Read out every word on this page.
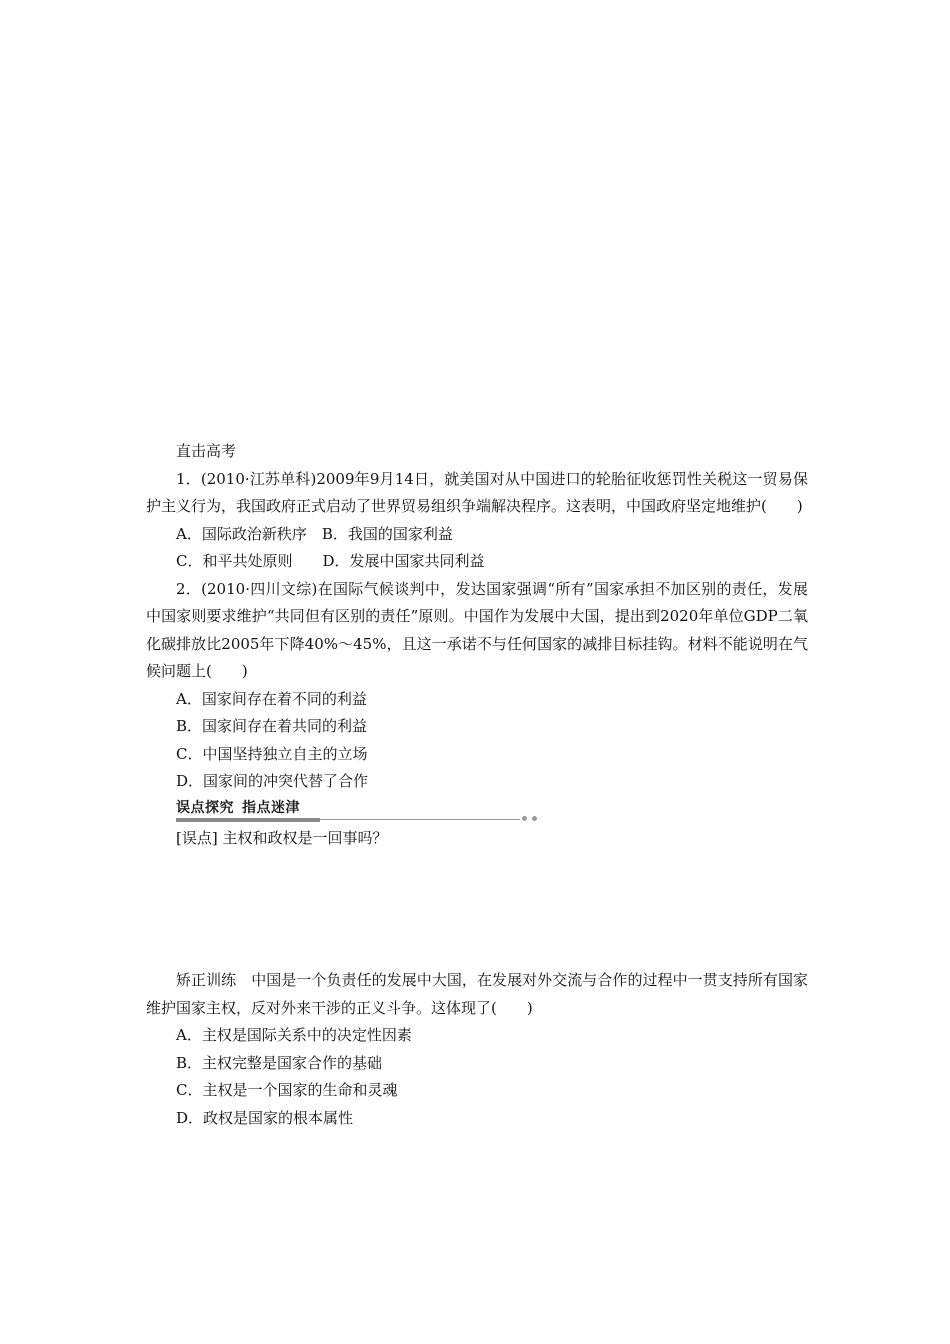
直击高考
1．(2010·江苏单科)2009年9月14日，就美国对从中国进口的轮胎征收惩罚性关税这一贸易保护主义行为，我国政府正式启动了世界贸易组织争端解决程序。这表明，中国政府坚定地维护(　　)
A．国际政治新秩序　B．我国的国家利益
C．和平共处原则　　D．发展中国家共同利益
2．(2010·四川文综)在国际气候谈判中，发达国家强调“所有”国家承担不加区别的责任，发展中国家则要求维护“共同但有区别的责任”原则。中国作为发展中大国，提出到2020年单位GDP二氧化碳排放比2005年下降40%～45%，且这一承诺不与任何国家的减排目标挂钩。材料不能说明在气候问题上(　　)
A．国家间存在着不同的利益
B．国家间存在着共同的利益
C．中国坚持独立自主的立场
D．国家间的冲突代替了合作
误点探究 指点迷津
[误点] 主权和政权是一回事吗？
矫正训练　中国是一个负责任的发展中大国，在发展对外交流与合作的过程中一贯支持所有国家维护国家主权，反对外来干涉的正义斗争。这体现了(　　)
A．主权是国际关系中的决定性因素
B．主权完整是国家合作的基础
C．主权是一个国家的生命和灵魂
D．政权是国家的根本属性
